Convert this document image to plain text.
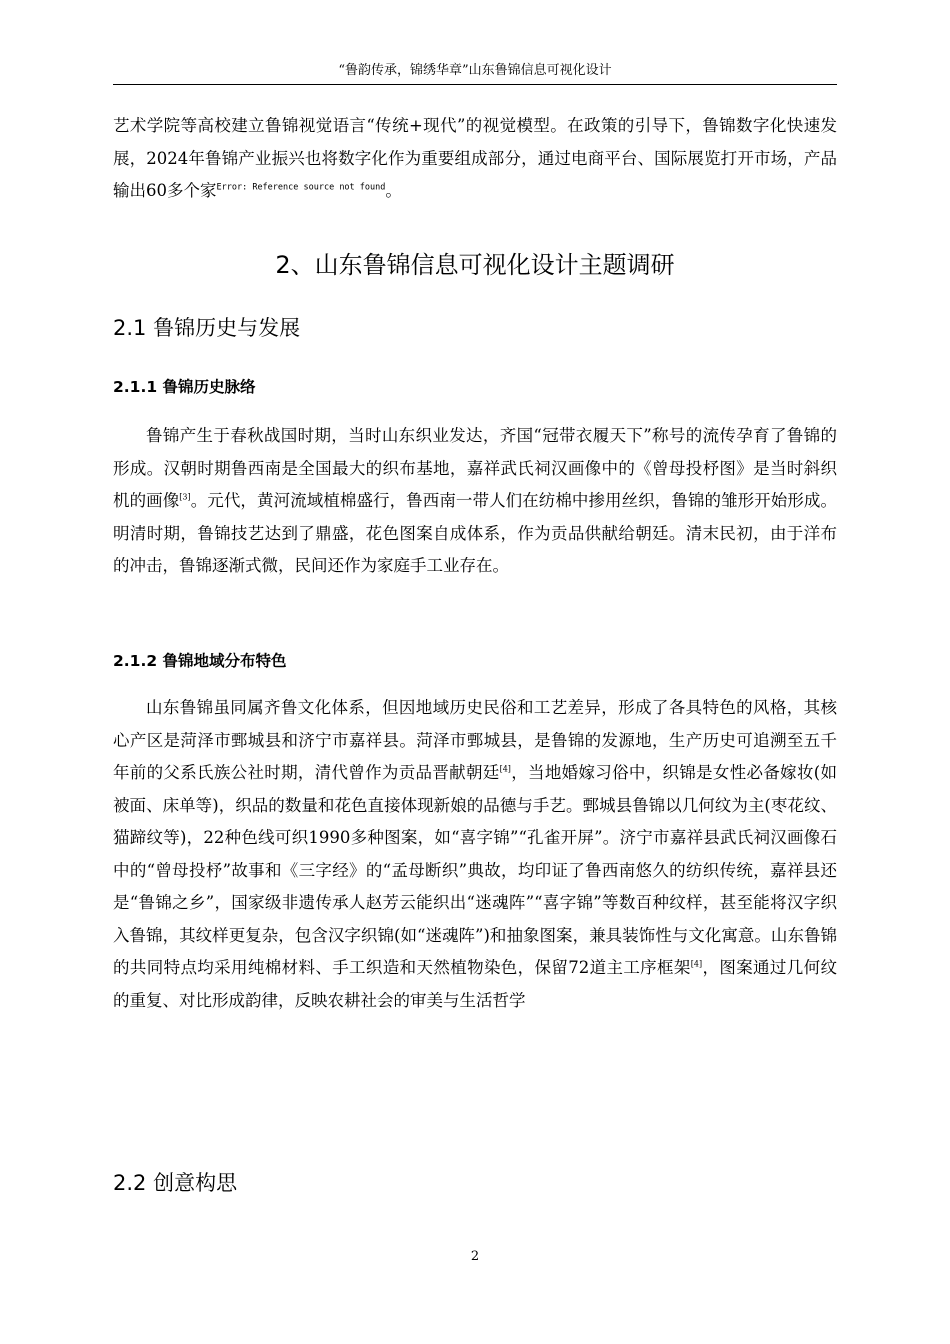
“鲁韵传承，锦绣华章”山东鲁锦信息可视化设计
艺术学院等高校建立鲁锦视觉语言“传统+现代”的视觉模型。在政策的引导下，鲁锦数字化快速发展，2024年鲁锦产业振兴也将数字化作为重要组成部分，通过电商平台、国际展览打开市场，产品输出60多个家$^{Error: Reference source not found}$。
2、山东鲁锦信息可视化设计主题调研
2.1 鲁锦历史与发展
2.1.1 鲁锦历史脉络
鲁锦产生于春秋战国时期，当时山东织业发达，齐国“冠带衣履天下”称号的流传孕育了鲁锦的形成。汉朝时期鲁西南是全国最大的织布基地，嘉祥武氏祠汉画像中的《曾母投杼图》是当时斜织机的画像[3]。元代，黄河流域植棉盛行，鲁西南一带人们在纺棉中掺用丝织，鲁锦的雏形开始形成。明清时期，鲁锦技艺达到了鼎盛，花色图案自成体系，作为贡品供献给朝廷。清末民初，由于洋布的冲击，鲁锦逐渐式微，民间还作为家庭手工业存在。
2.1.2 鲁锦地域分布特色
山东鲁锦虽同属齐鲁文化体系，但因地域历史民俗和工艺差异，形成了各具特色的风格，其核心产区是菏泽市鄄城县和济宁市嘉祥县。菏泽市鄄城县，是鲁锦的发源地，生产历史可追溯至五千年前的父系氏族公社时期，清代曾作为贡品晋献朝廷[4]，当地婚嫁习俗中，织锦是女性必备嫁妆(如被面、床单等)，织品的数量和花色直接体现新娘的品德与手艺。鄄城县鲁锦以几何纹为主(枣花纹、猫蹄纹等)，22种色线可织1990多种图案，如“喜字锦”“孔雀开屏”。济宁市嘉祥县武氏祠汉画像石中的“曾母投杼”故事和《三字经》的“孟母断织”典故，均印证了鲁西南悠久的纺织传统，嘉祥县还是“鲁锦之乡”，国家级非遗传承人赵芳云能织出“迷魂阵”“喜字锦”等数百种纹样，甚至能将汉字织入鲁锦，其纹样更复杂，包含汉字织锦(如“迷魂阵”)和抽象图案，兼具装饰性与文化寓意。山东鲁锦的共同特点均采用纯棉材料、手工织造和天然植物染色，保留72道主工序框架[4]，图案通过几何纹的重复、对比形成韵律，反映农耕社会的审美与生活哲学
2.2 创意构思
2
